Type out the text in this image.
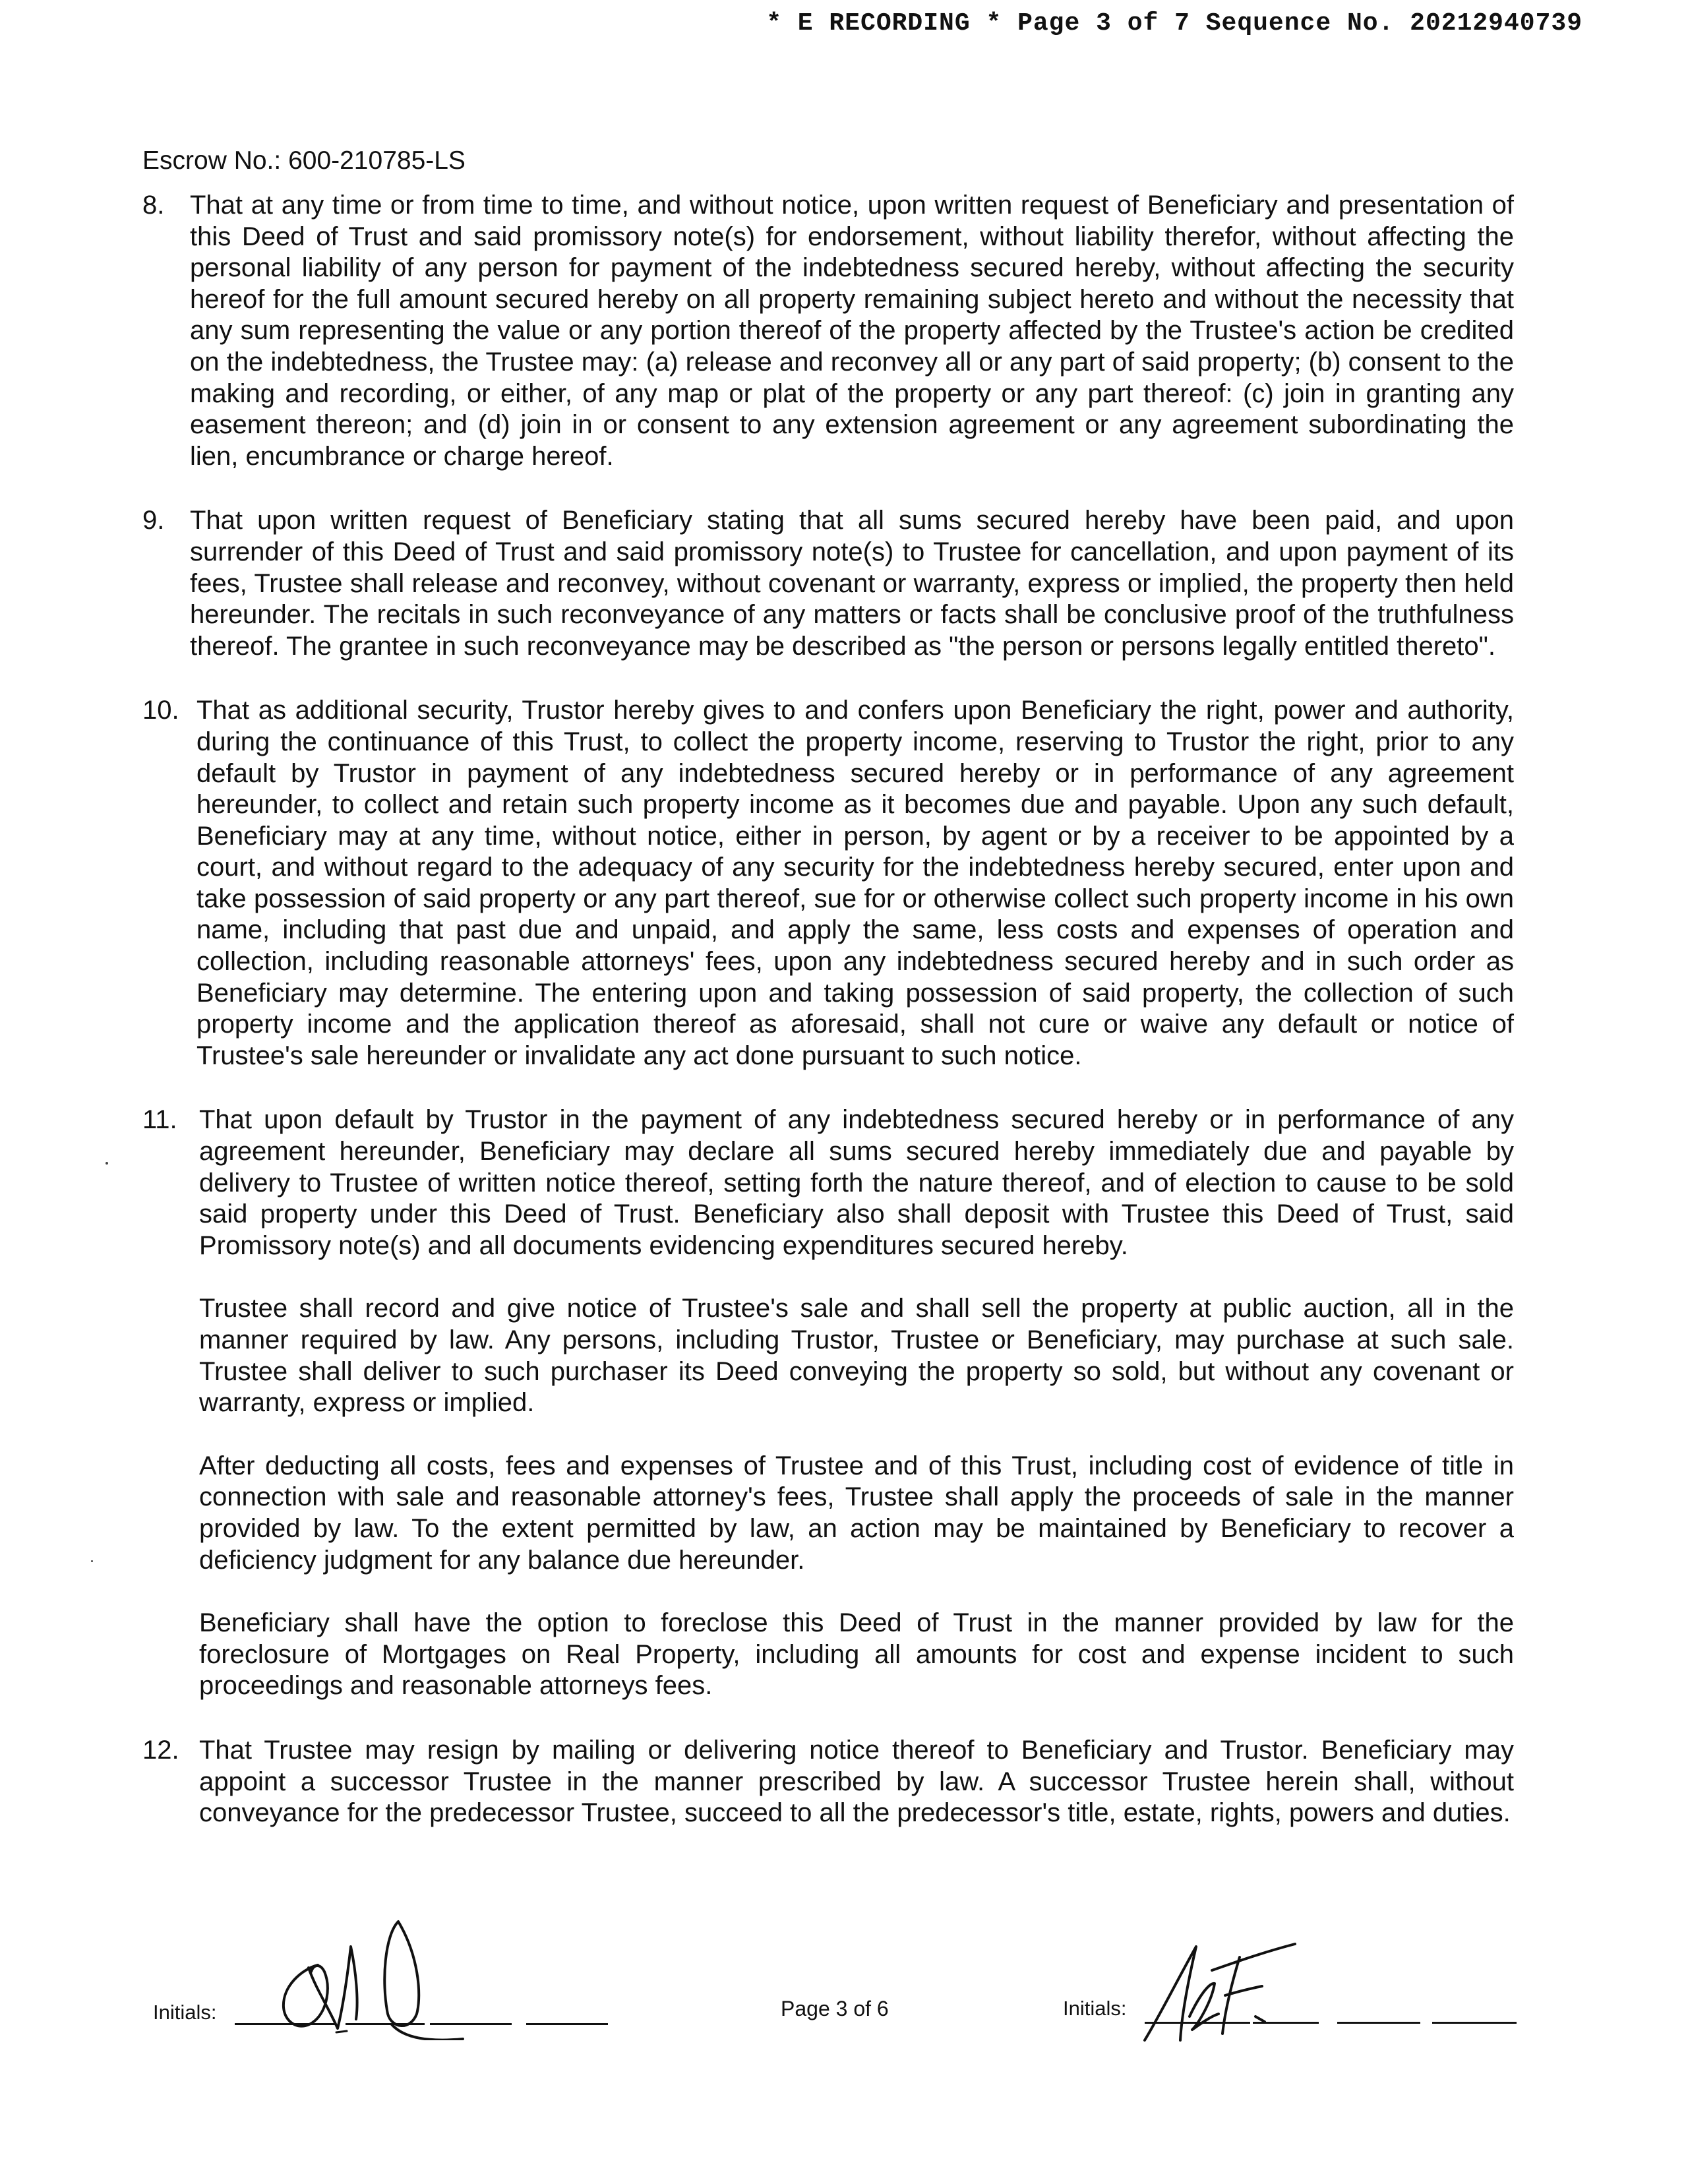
* E RECORDING * Page 3 of 7 Sequence No. 20212940739
Escrow No.: 600-210785-LS
8. That at any time or from time to time, and without notice, upon written request of Beneficiary and presentation of this Deed of Trust and said promissory note(s) for endorsement, without liability therefor, without affecting the personal liability of any person for payment of the indebtedness secured hereby, without affecting the security hereof for the full amount secured hereby on all property remaining subject hereto and without the necessity that any sum representing the value or any portion thereof of the property affected by the Trustee's action be credited on the indebtedness, the Trustee may: (a) release and reconvey all or any part of said property; (b) consent to the making and recording, or either, of any map or plat of the property or any part thereof: (c) join in granting any easement thereon; and (d) join in or consent to any extension agreement or any agreement subordinating the lien, encumbrance or charge hereof.

9. That upon written request of Beneficiary stating that all sums secured hereby have been paid, and upon surrender of this Deed of Trust and said promissory note(s) to Trustee for cancellation, and upon payment of its fees, Trustee shall release and reconvey, without covenant or warranty, express or implied, the property then held hereunder. The recitals in such reconveyance of any matters or facts shall be conclusive proof of the truthfulness thereof. The grantee in such reconveyance may be described as "the person or persons legally entitled thereto".

10. That as additional security, Trustor hereby gives to and confers upon Beneficiary the right, power and authority, during the continuance of this Trust, to collect the property income, reserving to Trustor the right, prior to any default by Trustor in payment of any indebtedness secured hereby or in performance of any agreement hereunder, to collect and retain such property income as it becomes due and payable. Upon any such default, Beneficiary may at any time, without notice, either in person, by agent or by a receiver to be appointed by a court, and without regard to the adequacy of any security for the indebtedness hereby secured, enter upon and take possession of said property or any part thereof, sue for or otherwise collect such property income in his own name, including that past due and unpaid, and apply the same, less costs and expenses of operation and collection, including reasonable attorneys' fees, upon any indebtedness secured hereby and in such order as Beneficiary may determine. The entering upon and taking possession of said property, the collection of such property income and the application thereof as aforesaid, shall not cure or waive any default or notice of Trustee's sale hereunder or invalidate any act done pursuant to such notice.

11. That upon default by Trustor in the payment of any indebtedness secured hereby or in performance of any agreement hereunder, Beneficiary may declare all sums secured hereby immediately due and payable by delivery to Trustee of written notice thereof, setting forth the nature thereof, and of election to cause to be sold said property under this Deed of Trust. Beneficiary also shall deposit with Trustee this Deed of Trust, said Promissory note(s) and all documents evidencing expenditures secured hereby.

Trustee shall record and give notice of Trustee's sale and shall sell the property at public auction, all in the manner required by law. Any persons, including Trustor, Trustee or Beneficiary, may purchase at such sale. Trustee shall deliver to such purchaser its Deed conveying the property so sold, but without any covenant or warranty, express or implied.

After deducting all costs, fees and expenses of Trustee and of this Trust, including cost of evidence of title in connection with sale and reasonable attorney's fees, Trustee shall apply the proceeds of sale in the manner provided by law. To the extent permitted by law, an action may be maintained by Beneficiary to recover a deficiency judgment for any balance due hereunder.

Beneficiary shall have the option to foreclose this Deed of Trust in the manner provided by law for the foreclosure of Mortgages on Real Property, including all amounts for cost and expense incident to such proceedings and reasonable attorneys fees.

12. That Trustee may resign by mailing or delivering notice thereof to Beneficiary and Trustor. Beneficiary may appoint a successor Trustee in the manner prescribed by law. A successor Trustee herein shall, without conveyance for the predecessor Trustee, succeed to all the predecessor's title, estate, rights, powers and duties.

Initials:	Page 3 of 6	Initials:
